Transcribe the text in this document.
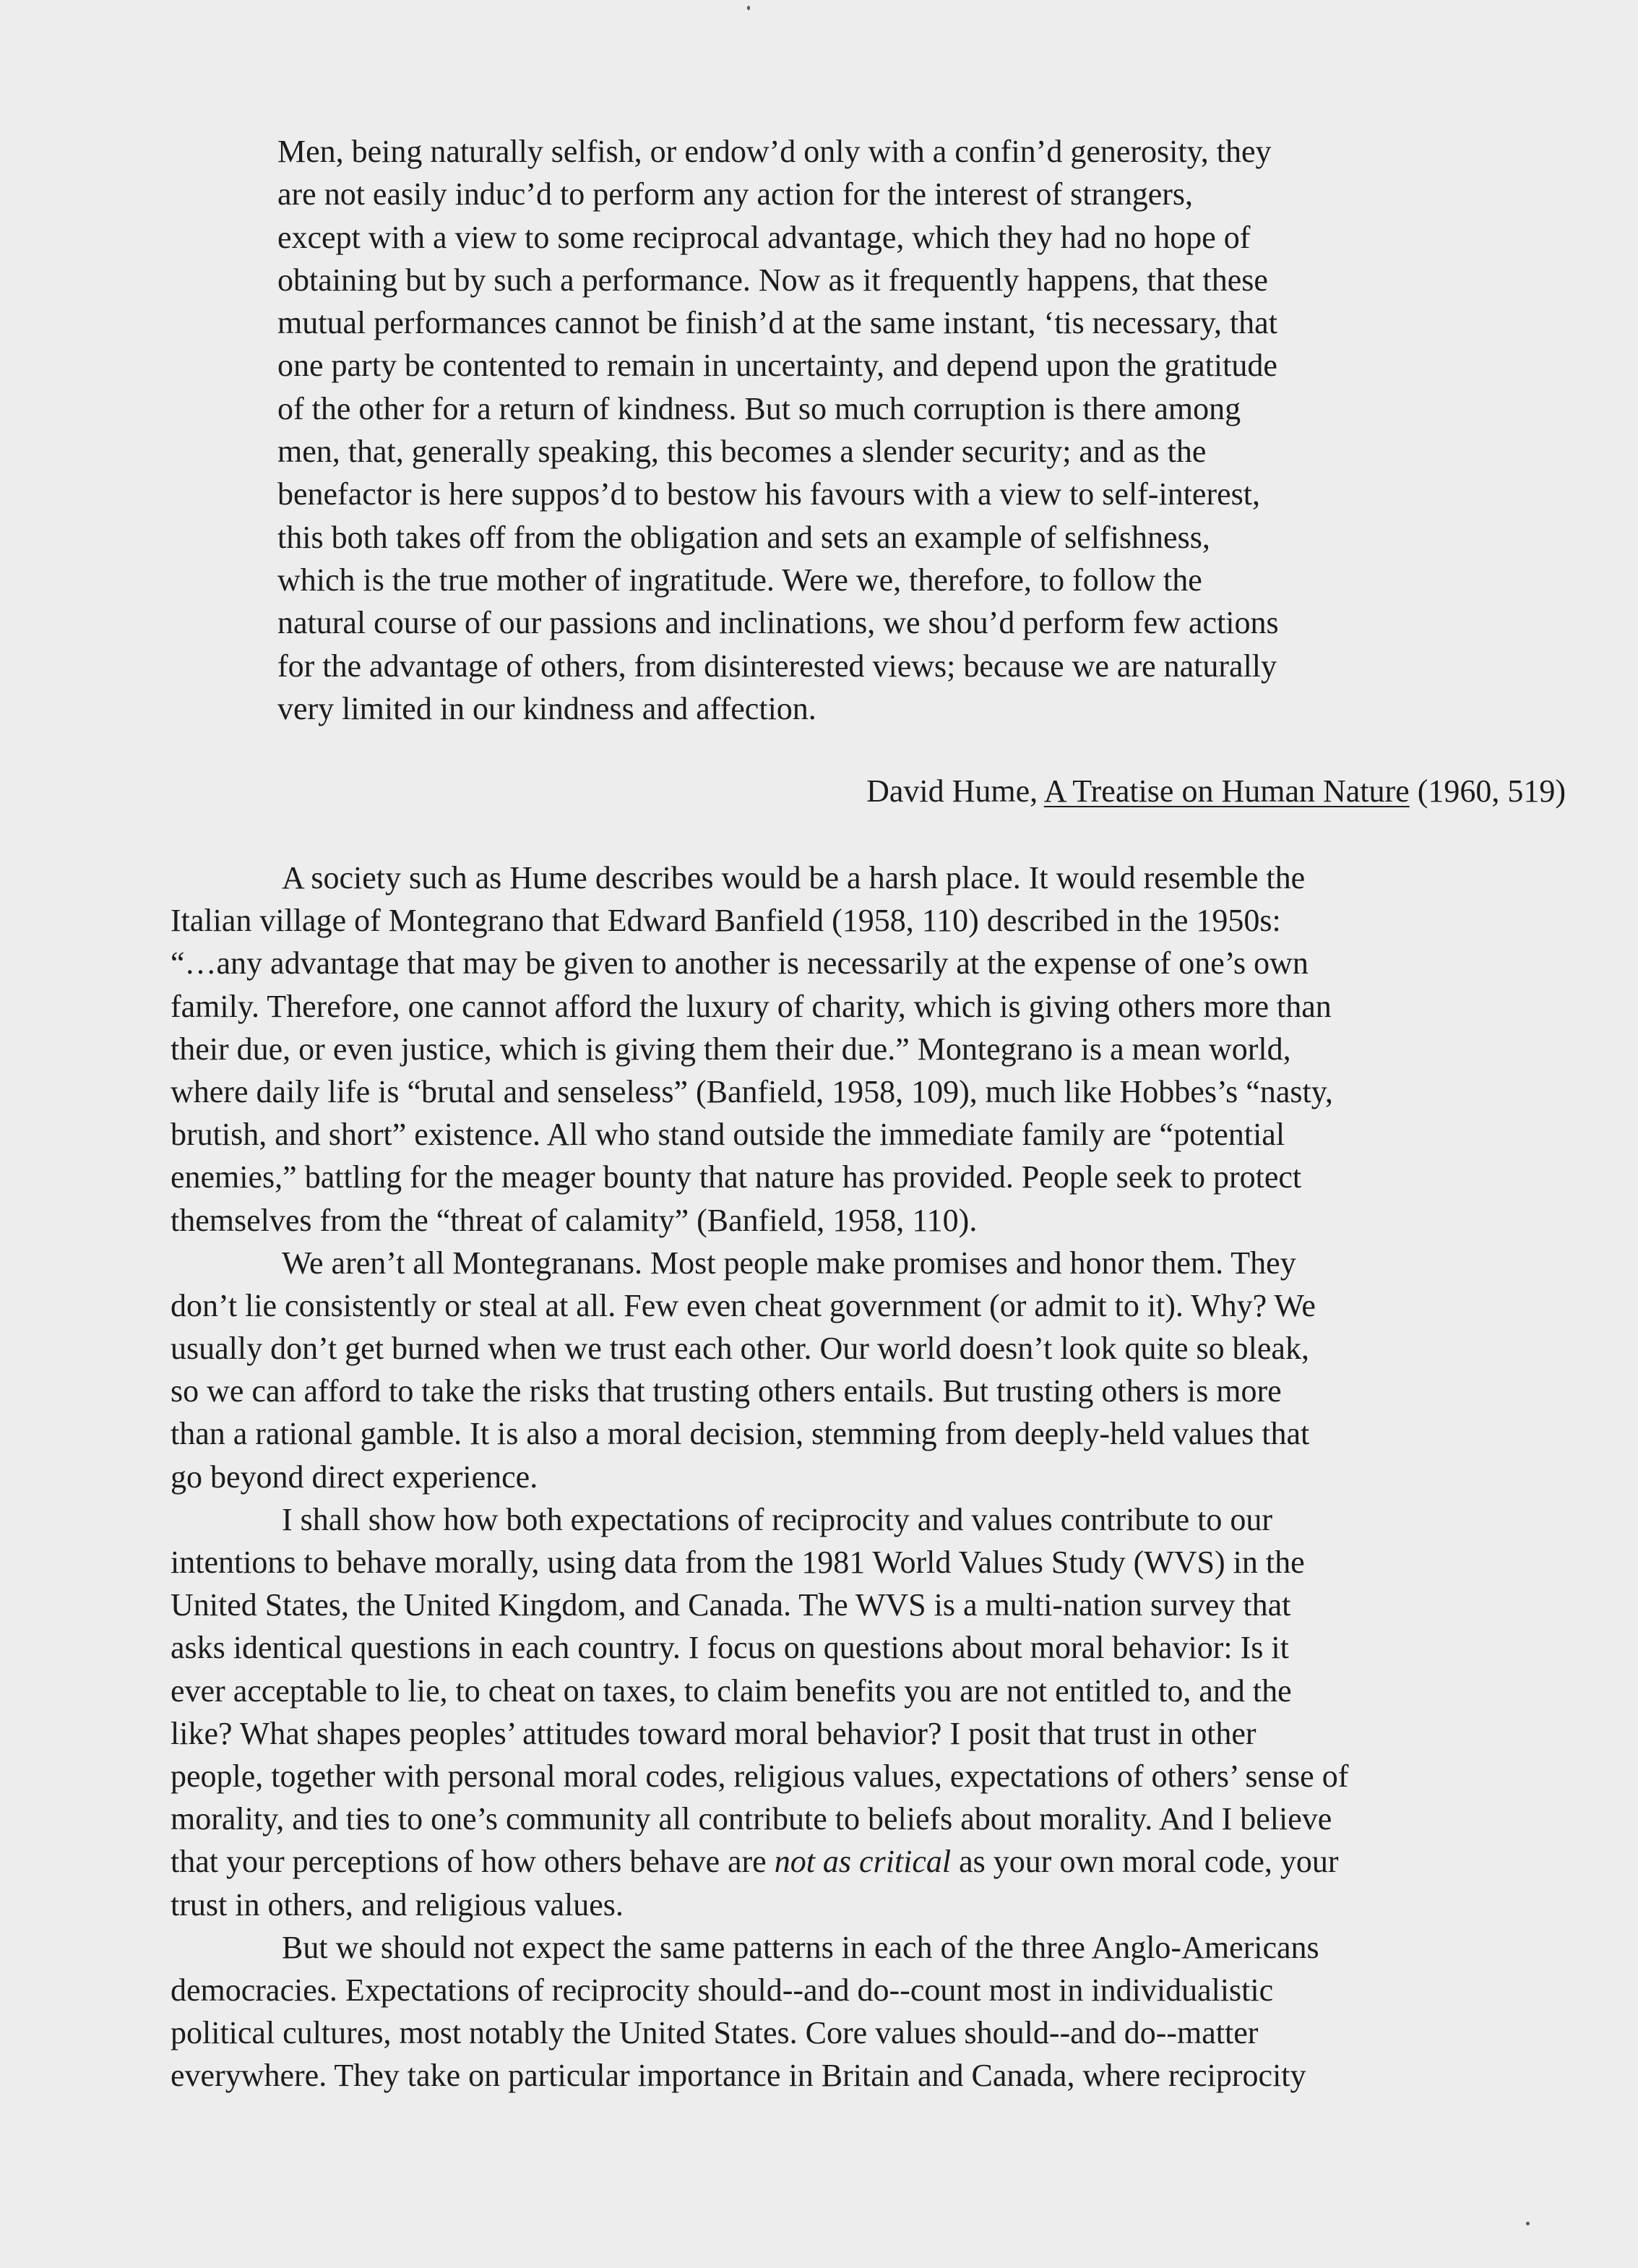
Men, being naturally selfish, or endow’d only with a confin’d generosity, they
are not easily induc’d to perform any action for the interest of strangers,
except with a view to some reciprocal advantage, which they had no hope of
obtaining but by such a performance. Now as it frequently happens, that these
mutual performances cannot be finish’d at the same instant, ‘tis necessary, that
one party be contented to remain in uncertainty, and depend upon the gratitude
of the other for a return of kindness. But so much corruption is there among
men, that, generally speaking, this becomes a slender security; and as the
benefactor is here suppos’d to bestow his favours with a view to self-interest,
this both takes off from the obligation and sets an example of selfishness,
which is the true mother of ingratitude. Were we, therefore, to follow the
natural course of our passions and inclinations, we shou’d perform few actions
for the advantage of others, from disinterested views; because we are naturally
very limited in our kindness and affection.
David Hume, A Treatise on Human Nature (1960, 519)
A society such as Hume describes would be a harsh place. It would resemble the
Italian village of Montegrano that Edward Banfield (1958, 110) described in the 1950s:
“…any advantage that may be given to another is necessarily at the expense of one’s own
family. Therefore, one cannot afford the luxury of charity, which is giving others more than
their due, or even justice, which is giving them their due.” Montegrano is a mean world,
where daily life is “brutal and senseless” (Banfield, 1958, 109), much like Hobbes’s “nasty,
brutish, and short” existence. All who stand outside the immediate family are “potential
enemies,” battling for the meager bounty that nature has provided. People seek to protect
themselves from the “threat of calamity” (Banfield, 1958, 110).
We aren’t all Montegranans. Most people make promises and honor them. They
don’t lie consistently or steal at all. Few even cheat government (or admit to it). Why? We
usually don’t get burned when we trust each other. Our world doesn’t look quite so bleak,
so we can afford to take the risks that trusting others entails. But trusting others is more
than a rational gamble. It is also a moral decision, stemming from deeply-held values that
go beyond direct experience.
I shall show how both expectations of reciprocity and values contribute to our
intentions to behave morally, using data from the 1981 World Values Study (WVS) in the
United States, the United Kingdom, and Canada. The WVS is a multi-nation survey that
asks identical questions in each country. I focus on questions about moral behavior: Is it
ever acceptable to lie, to cheat on taxes, to claim benefits you are not entitled to, and the
like? What shapes peoples’ attitudes toward moral behavior? I posit that trust in other
people, together with personal moral codes, religious values, expectations of others’ sense of
morality, and ties to one’s community all contribute to beliefs about morality. And I believe
that your perceptions of how others behave are not as critical as your own moral code, your
trust in others, and religious values.
But we should not expect the same patterns in each of the three Anglo-Americans
democracies. Expectations of reciprocity should--and do--count most in individualistic
political cultures, most notably the United States. Core values should--and do--matter
everywhere. They take on particular importance in Britain and Canada, where reciprocity
